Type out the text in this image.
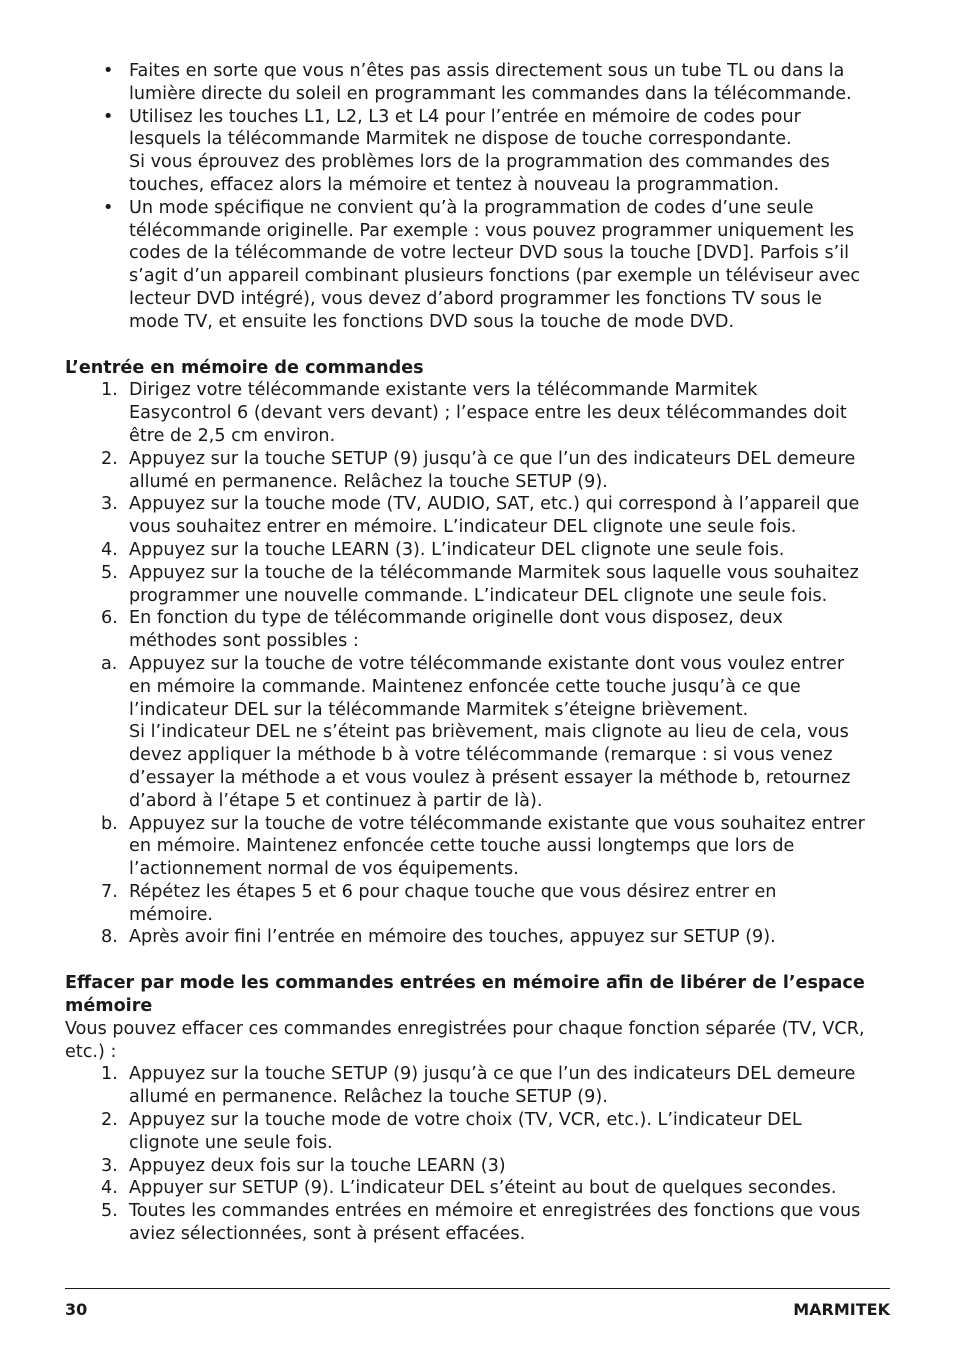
• Faites en sorte que vous n’êtes pas assis directement sous un tube TL ou dans la lumière directe du soleil en programmant les commandes dans la télécommande.

• Utilisez les touches L1, L2, L3 et L4 pour l’entrée en mémoire de codes pour lesquels la télécommande Marmitek ne dispose de touche correspondante.

Si vous éprouvez des problèmes lors de la programmation des commandes des touches, effacez alors la mémoire et tentez à nouveau la programmation.

• Un mode spécifique ne convient qu’à la programmation de codes d’une seule télécommande originelle. Par exemple : vous pouvez programmer uniquement les codes de la télécommande de votre lecteur DVD sous la touche [DVD]. Parfois s’il s’agit d’un appareil combinant plusieurs fonctions (par exemple un téléviseur avec lecteur DVD intégré), vous devez d’abord programmer les fonctions TV sous le mode TV, et ensuite les fonctions DVD sous la touche de mode DVD.

L’entrée en mémoire de commandes
1. Dirigez votre télécommande existante vers la télécommande Marmitek Easycontrol 6 (devant vers devant) ; l’espace entre les deux télécommandes doit être de 2,5 cm environ.

2. Appuyez sur la touche SETUP (9) jusqu’à ce que l’un des indicateurs DEL demeure allumé en permanence. Relâchez la touche SETUP (9).

3. Appuyez sur la touche mode (TV, AUDIO, SAT, etc.) qui correspond à l’appareil que vous souhaitez entrer en mémoire. L’indicateur DEL clignote une seule fois.

4. Appuyez sur la touche LEARN (3). L’indicateur DEL clignote une seule fois.

5. Appuyez sur la touche de la télécommande Marmitek sous laquelle vous souhaitez programmer une nouvelle commande. L’indicateur DEL clignote une seule fois.

6. En fonction du type de télécommande originelle dont vous disposez, deux méthodes sont possibles :

a. Appuyez sur la touche de votre télécommande existante dont vous voulez entrer en mémoire la commande. Maintenez enfoncée cette touche jusqu’à ce que l’indicateur DEL sur la télécommande Marmitek s’éteigne brièvement.

Si l’indicateur DEL ne s’éteint pas brièvement, mais clignote au lieu de cela, vous devez appliquer la méthode b à votre télécommande (remarque : si vous venez d’essayer la méthode a et vous voulez à présent essayer la méthode b, retournez d’abord à l’étape 5 et continuez à partir de là).

b. Appuyez sur la touche de votre télécommande existante que vous souhaitez entrer en mémoire. Maintenez enfoncée cette touche aussi longtemps que lors de l’actionnement normal de vos équipements.

7. Répétez les étapes 5 et 6 pour chaque touche que vous désirez entrer en mémoire.

8. Après avoir fini l’entrée en mémoire des touches, appuyez sur SETUP (9).

Effacer par mode les commandes entrées en mémoire afin de libérer de l’espace mémoire

Vous pouvez effacer ces commandes enregistrées pour chaque fonction séparée (TV, VCR, etc.) :

1. Appuyez sur la touche SETUP (9) jusqu’à ce que l’un des indicateurs DEL demeure allumé en permanence. Relâchez la touche SETUP (9).

2. Appuyez sur la touche mode de votre choix (TV, VCR, etc.). L’indicateur DEL clignote une seule fois.

3. Appuyez deux fois sur la touche LEARN (3)

4. Appuyer sur SETUP (9). L’indicateur DEL s’éteint au bout de quelques secondes.

5. Toutes les commandes entrées en mémoire et enregistrées des fonctions que vous aviez sélectionnées, sont à présent effacées.

30	MARMITEK
